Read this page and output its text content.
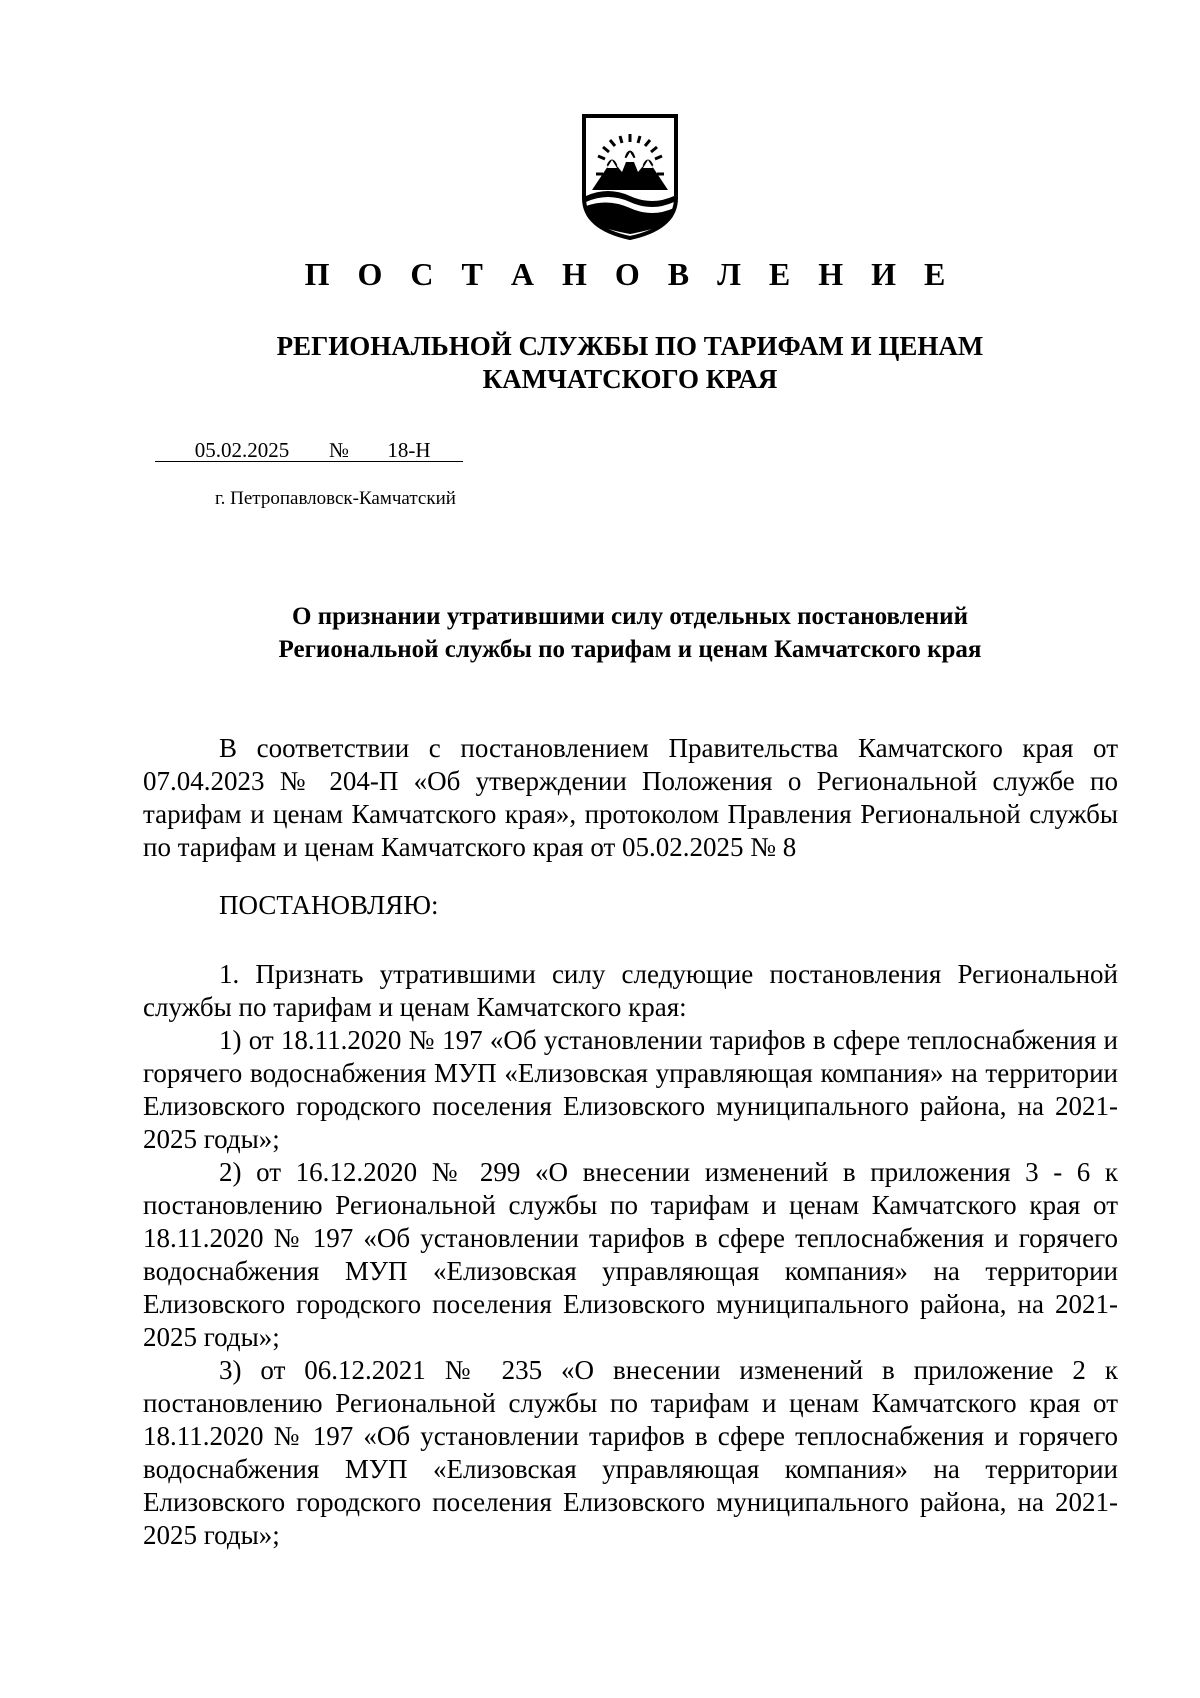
П О С Т А Н О В Л Е Н И Е
РЕГИОНАЛЬНОЙ СЛУЖБЫ ПО ТАРИФАМ И ЦЕНАМ
КАМЧАТСКОГО КРАЯ
05.02.2025 № 18-Н
г. Петропавловск-Камчатский
О признании утратившими силу отдельных постановлений
Региональной службы по тарифам и ценам Камчатского края

В соответствии с постановлением Правительства Камчатского края от 07.04.2023 № 204-П «Об утверждении Положения о Региональной службе по тарифам и ценам Камчатского края», протоколом Правления Региональной службы по тарифам и ценам Камчатского края от 05.02.2025 № 8

ПОСТАНОВЛЯЮ:

1. Признать утратившими силу следующие постановления Региональной службы по тарифам и ценам Камчатского края:

1) от 18.11.2020 № 197 «Об установлении тарифов в сфере теплоснабжения и горячего водоснабжения МУП «Елизовская управляющая компания» на территории Елизовского городского поселения Елизовского муниципального района, на 2021-2025 годы»;

2) от 16.12.2020 № 299 «О внесении изменений в приложения 3 - 6 к постановлению Региональной службы по тарифам и ценам Камчатского края от 18.11.2020 № 197 «Об установлении тарифов в сфере теплоснабжения и горячего водоснабжения МУП «Елизовская управляющая компания» на территории Елизовского городского поселения Елизовского муниципального района, на 2021-2025 годы»;

3) от 06.12.2021 № 235 «О внесении изменений в приложение 2 к постановлению Региональной службы по тарифам и ценам Камчатского края от 18.11.2020 № 197 «Об установлении тарифов в сфере теплоснабжения и горячего водоснабжения МУП «Елизовская управляющая компания» на территории Елизовского городского поселения Елизовского муниципального района, на 2021-2025 годы»;
